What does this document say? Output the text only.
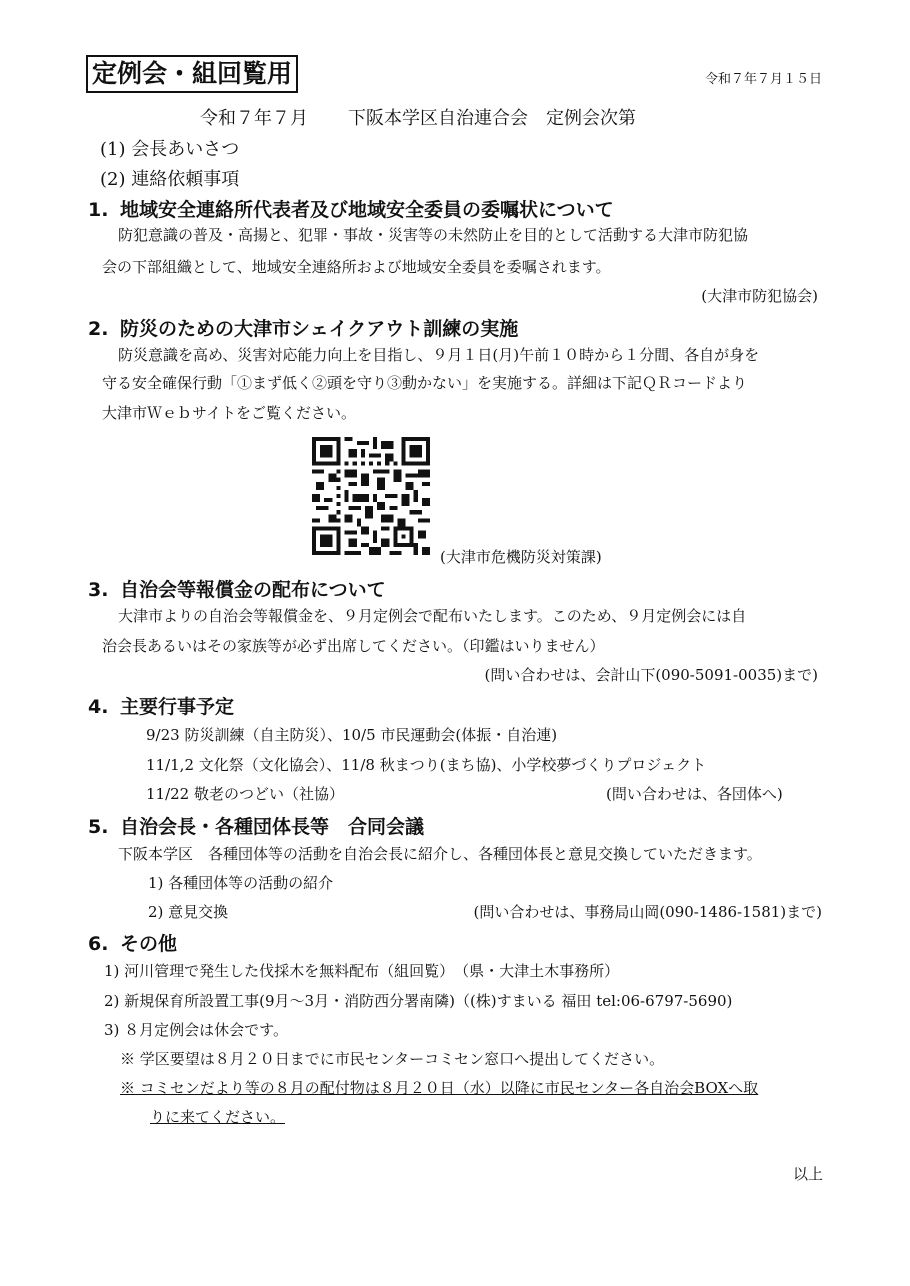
定例会・組回覧用	令和７年７月１５日
令和７年７月 下阪本学区自治連合会　定例会次第
(1) 会長あいさつ
(2) 連絡依頼事項
1. 地域安全連絡所代表者及び地域安全委員の委嘱状について
防犯意識の普及・高揚と、犯罪・事故・災害等の未然防止を目的として活動する大津市防犯協
会の下部組織として、地域安全連絡所および地域安全委員を委嘱されます。
(大津市防犯協会)
2. 防災のための大津市シェイクアウト訓練の実施
防災意識を高め、災害対応能力向上を目指し、９月１日(月)午前１０時から１分間、各自が身を
守る安全確保行動「①まず低く②頭を守り③動かない」を実施する。詳細は下記ＱＲコードより
大津市Ｗｅｂサイトをご覧ください。
(大津市危機防災対策課)
3. 自治会等報償金の配布について
大津市よりの自治会等報償金を、９月定例会で配布いたします。このため、９月定例会には自
治会長あるいはその家族等が必ず出席してください。（印鑑はいりません）
(問い合わせは、会計山下(090-5091-0035)まで)
4. 主要行事予定
9/23 防災訓練（自主防災）、10/5 市民運動会(体振・自治連)
11/1,2 文化祭（文化協会）、11/8 秋まつり(まち協)、小学校夢づくりプロジェクト
11/22 敬老のつどい（社協）	(問い合わせは、各団体へ)
5. 自治会長・各種団体長等　合同会議
下阪本学区　各種団体等の活動を自治会長に紹介し、各種団体長と意見交換していただきます。
1) 各種団体等の活動の紹介
2) 意見交換	(問い合わせは、事務局山岡(090-1486-1581)まで)
6. その他
1) 河川管理で発生した伐採木を無料配布（組回覧）　（県・大津土木事務所）
2) 新規保育所設置工事(9月～3月・消防西分署南隣)（(株)すまいる 福田 tel:06-6797-5690)
3) ８月定例会は休会です。
※ 学区要望は８月２０日までに市民センターコミセン窓口へ提出してください。
※ コミセンだより等の８月の配付物は８月２０日（水）以降に市民センター各自治会BOXへ取
りに来てください。
以上
